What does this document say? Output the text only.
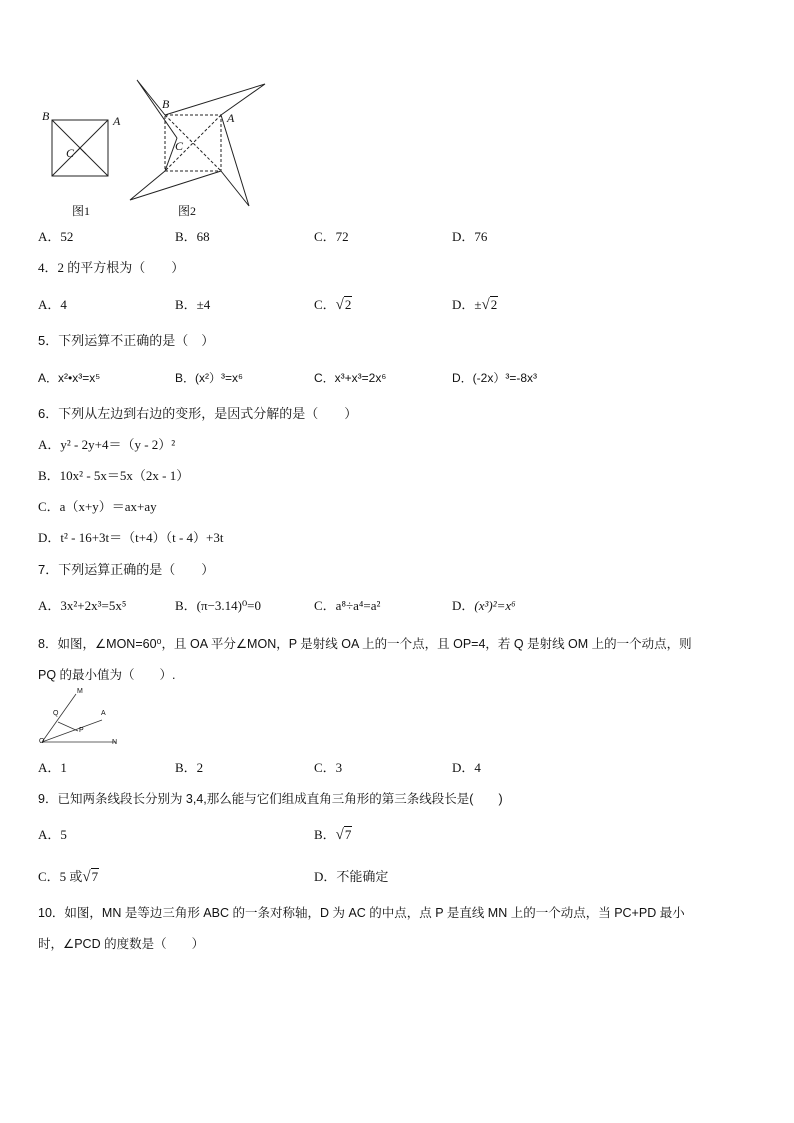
B	A
C
图1
B
A
C
图2
A．52	B．68	C．72	D．76
4．2 的平方根为（　　）
A．4	B．±4	C．√2	D．±√2
5．下列运算不正确的是（　）
A．x²•x³=x⁵	B．(x²）³=x⁶	C．x³+x³=2x⁶	D．(-2x）³=-8x³
6．下列从左边到右边的变形，是因式分解的是（　　）
A．y² - 2y+4＝（y - 2）²
B．10x² - 5x＝5x（2x - 1）
C．a（x+y）＝ax+ay
D．t² - 16+3t＝（t+4）（t - 4）+3t
7．下列运算正确的是（　　）
A．3x²+2x³=5x⁵	B．(π−3.14)⁰=0	C．a⁸÷a⁴=a²	D．(x³)²=x⁶
8．如图，∠MON=60⁰，且 OA 平分∠MON，P 是射线 OA 上的一个点，且 OP=4，若 Q 是射线 OM 上的一个动点，则
PQ 的最小值为（　　）.
M
Q	A
P
O	N
A．1	B．2	C．3	D．4
9．已知两条线段长分别为 3,4,那么能与它们组成直角三角形的第三条线段长是(　　)
A．5	B．√7
C．5 或√7	D．不能确定
10．如图，MN 是等边三角形 ABC 的一条对称轴，D 为 AC 的中点，点 P 是直线 MN 上的一个动点，当 PC+PD 最小
时，∠PCD 的度数是（　　）
